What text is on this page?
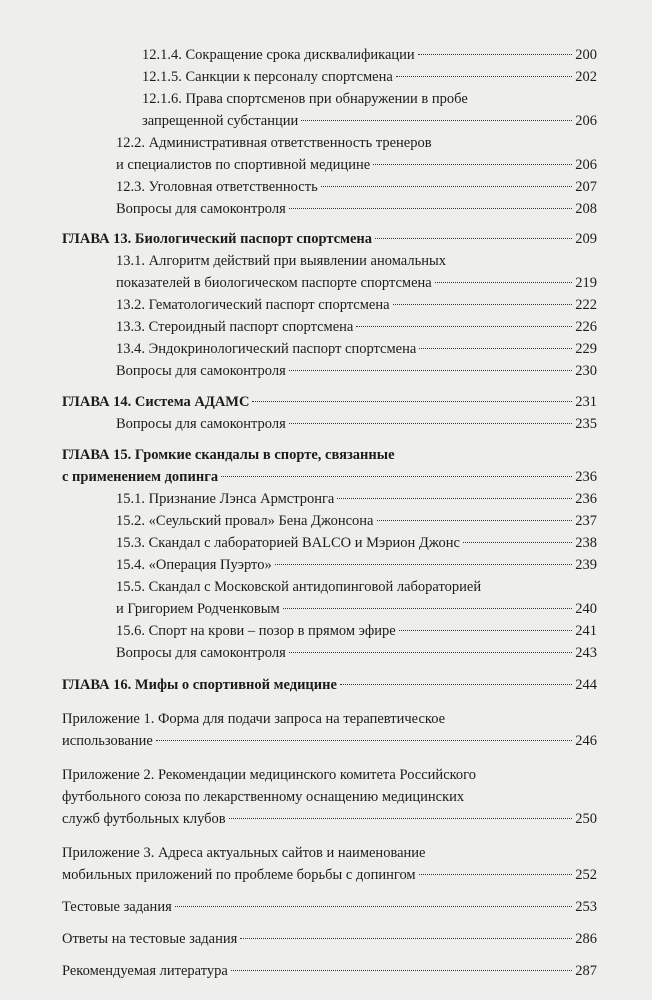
12.1.4. Сокращение срока дисквалификации	200
12.1.5. Санкции к персоналу спортсмена	202
12.1.6. Права спортсменов при обнаружении в пробе
запрещенной субстанции	206
12.2. Административная ответственность тренеров
и специалистов по спортивной медицине	206
12.3. Уголовная ответственность	207
Вопросы для самоконтроля	208
ГЛАВА 13. Биологический паспорт спортсмена	209
13.1. Алгоритм действий при выявлении аномальных
показателей в биологическом паспорте спортсмена	219
13.2. Гематологический паспорт спортсмена	222
13.3. Стероидный паспорт спортсмена	226
13.4. Эндокринологический паспорт спортсмена	229
Вопросы для самоконтроля	230
ГЛАВА 14. Система АДАМС	231
Вопросы для самоконтроля	235
ГЛАВА 15. Громкие скандалы в спорте, связанные
с применением допинга	236
15.1. Признание Лэнса Армстронга	236
15.2. «Сеульский провал» Бена Джонсона	237
15.3. Скандал с лабораторией BALCO и Мэрион Джонс	238
15.4. «Операция Пуэрто»	239
15.5. Скандал с Московской антидопинговой лабораторией
и Григорием Родченковым	240
15.6. Спорт на крови – позор в прямом эфире	241
Вопросы для самоконтроля	243
ГЛАВА 16. Мифы о спортивной медицине	244
Приложение 1. Форма для подачи запроса на терапевтическое
использование	246
Приложение 2. Рекомендации медицинского комитета Российского
футбольного союза по лекарственному оснащению медицинских
служб футбольных клубов	250
Приложение 3. Адреса актуальных сайтов и наименование
мобильных приложений по проблеме борьбы с допингом	252
Тестовые задания	253
Ответы на тестовые задания	286
Рекомендуемая литература	287
